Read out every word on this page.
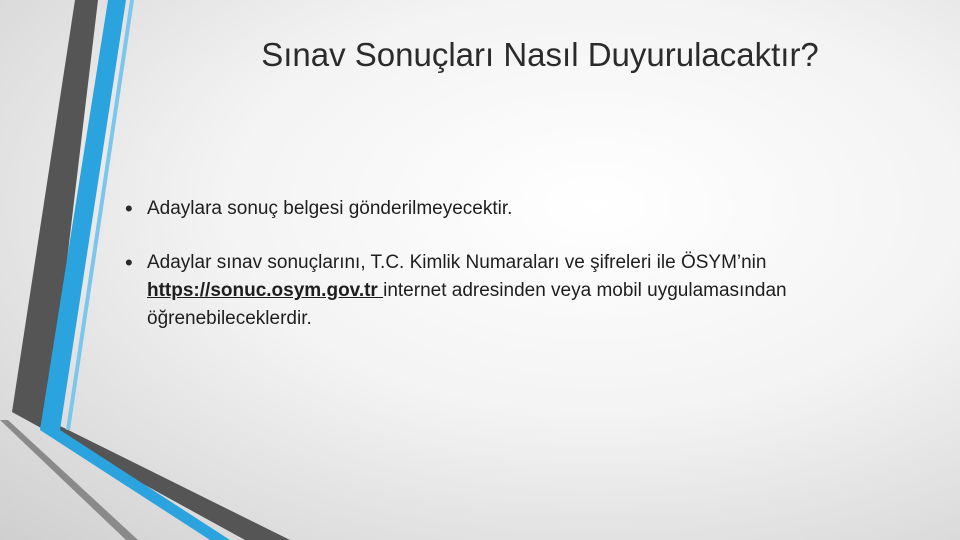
Sınav Sonuçları Nasıl Duyurulacaktır?
• Adaylara sonuç belgesi gönderilmeyecektir.
• Adaylar sınav sonuçlarını, T.C. Kimlik Numaraları ve şifreleri ile ÖSYM’nin https://sonuc.osym.gov.tr internet adresinden veya mobil uygulamasından öğrenebileceklerdir.
